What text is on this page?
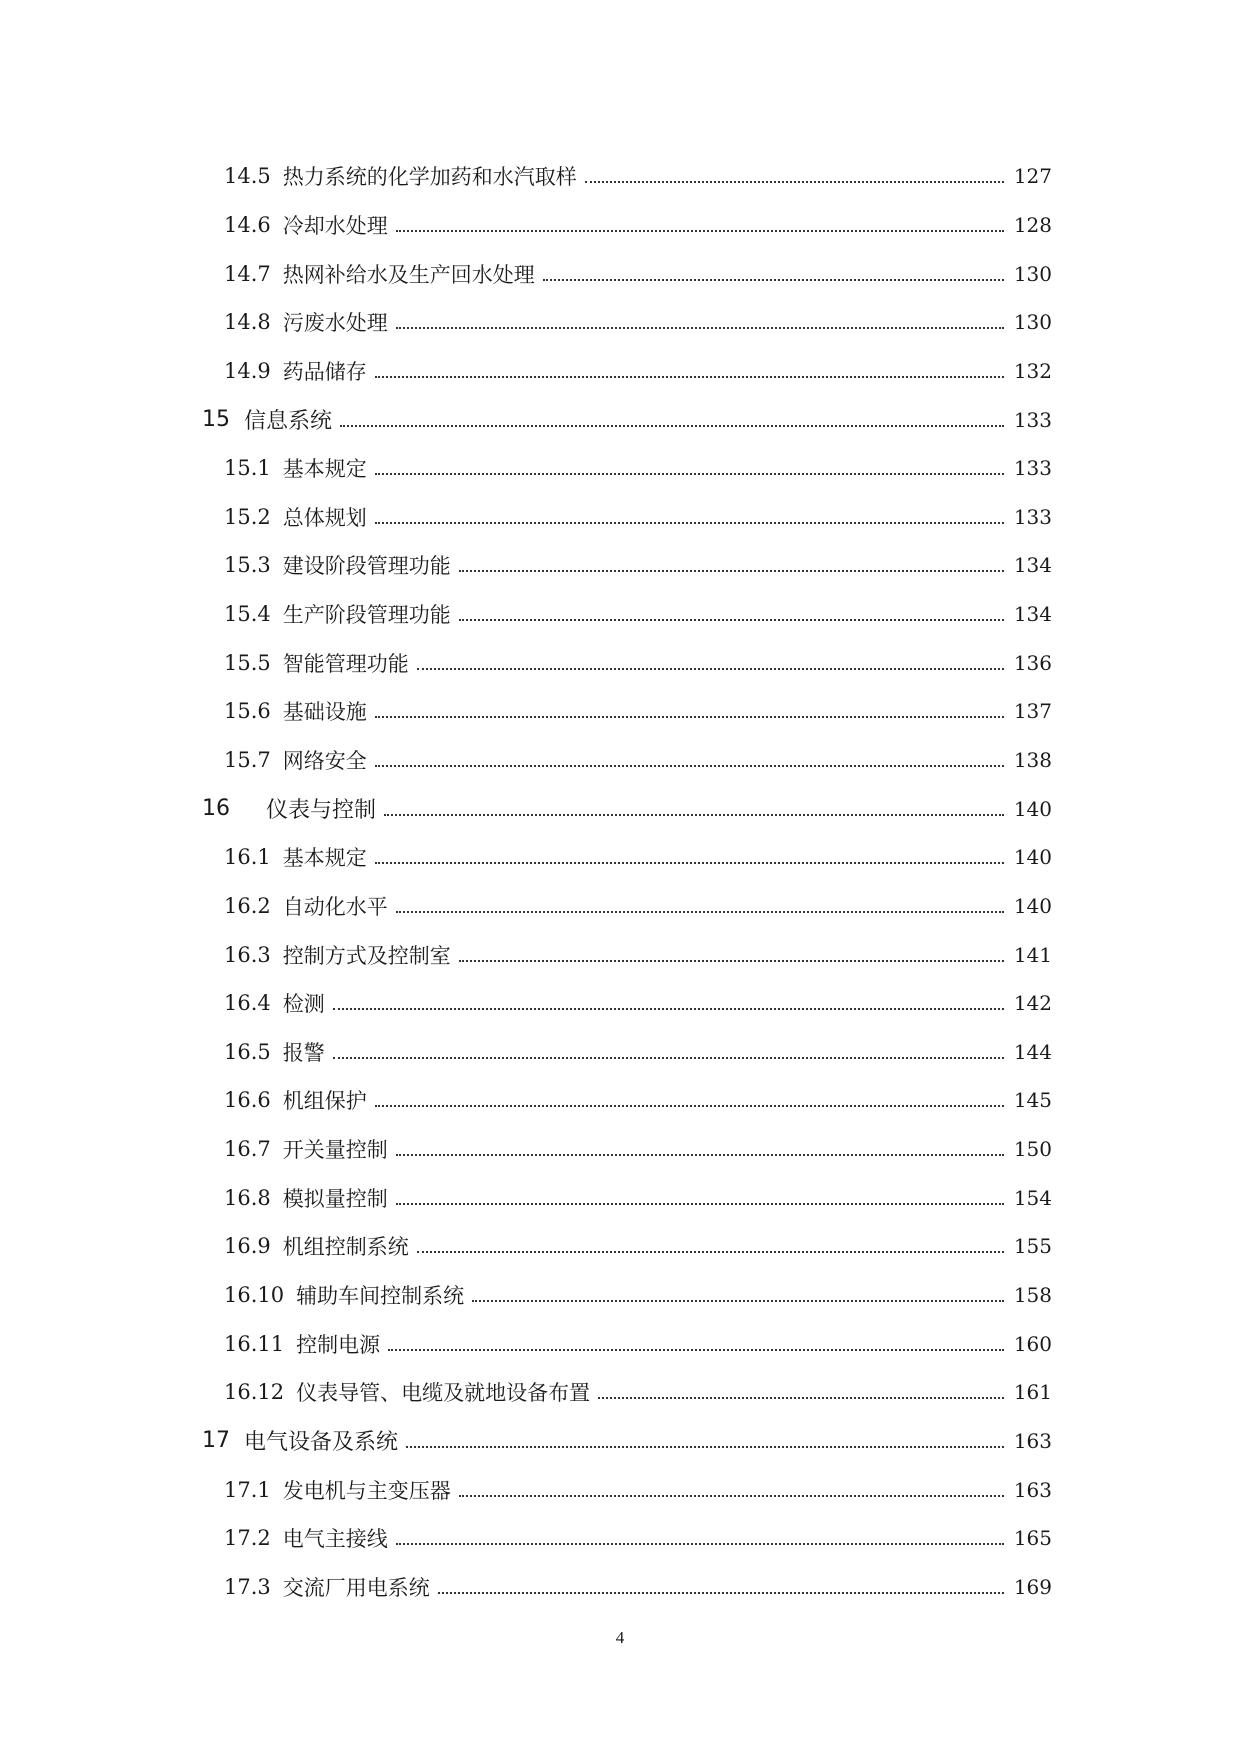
14.5 热力系统的化学加药和水汽取样	127
14.6 冷却水处理	128
14.7 热网补给水及生产回水处理	130
14.8 污废水处理	130
14.9 药品储存	132
15 信息系统	133
15.1 基本规定	133
15.2 总体规划	133
15.3 建设阶段管理功能	134
15.4 生产阶段管理功能	134
15.5 智能管理功能	136
15.6 基础设施	137
15.7 网络安全	138
16 仪表与控制	140
16.1 基本规定	140
16.2 自动化水平	140
16.3 控制方式及控制室	141
16.4 检测	142
16.5 报警	144
16.6 机组保护	145
16.7 开关量控制	150
16.8 模拟量控制	154
16.9 机组控制系统	155
16.10 辅助车间控制系统	158
16.11 控制电源	160
16.12 仪表导管、电缆及就地设备布置	161
17 电气设备及系统	163
17.1 发电机与主变压器	163
17.2 电气主接线	165
17.3 交流厂用电系统	169
4
